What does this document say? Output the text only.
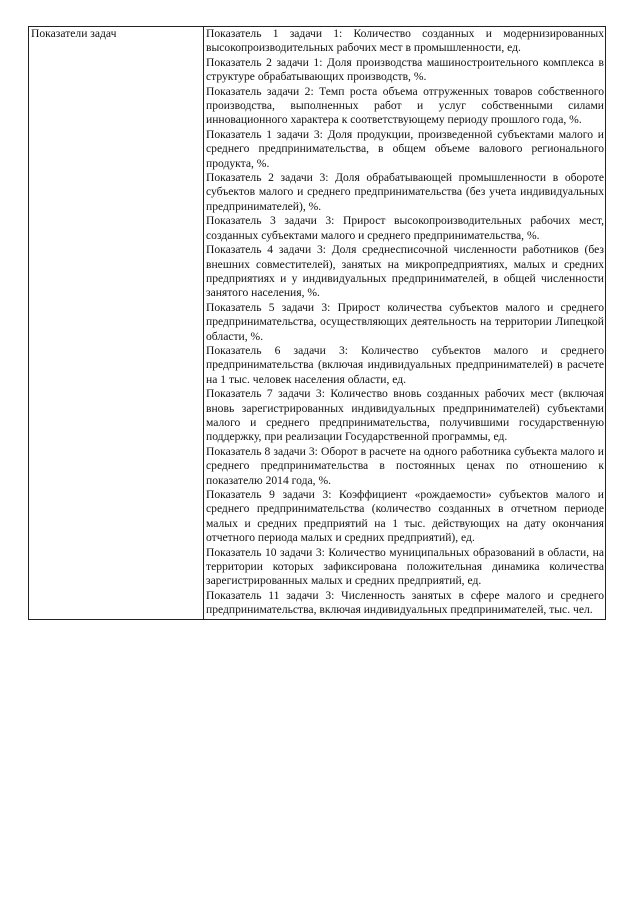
Показатели задач	Показатель 1 задачи 1: Количество созданных и модернизированных высокопроизводительных рабочих мест в промышленности, ед.
Показатель 2 задачи 1: Доля производства машиностроительного комплекса в структуре обрабатывающих производств, %.
Показатель задачи 2: Темп роста объема отгруженных товаров собственного производства, выполненных работ и услуг собственными силами инновационного характера к соответствующему периоду прошлого года, %.
Показатель 1 задачи 3: Доля продукции, произведенной субъектами малого и среднего предпринимательства, в общем объеме валового регионального продукта, %.
Показатель 2 задачи 3: Доля обрабатывающей промышленности в обороте субъектов малого и среднего предпринимательства (без учета индивидуальных предпринимателей), %.
Показатель 3 задачи 3: Прирост высокопроизводительных рабочих мест, созданных субъектами малого и среднего предпринимательства, %.
Показатель 4 задачи 3: Доля среднесписочной численности работников (без внешних совместителей), занятых на микропредприятиях, малых и средних предприятиях и у индивидуальных предпринимателей, в общей численности занятого населения, %.
Показатель 5 задачи 3: Прирост количества субъектов малого и среднего предпринимательства, осуществляющих деятельность на территории Липецкой области, %.
Показатель 6 задачи 3: Количество субъектов малого и среднего предпринимательства (включая индивидуальных предпринимателей) в расчете на 1 тыс. человек населения области, ед.
Показатель 7 задачи 3: Количество вновь созданных рабочих мест (включая вновь зарегистрированных индивидуальных предпринимателей) субъектами малого и среднего предпринимательства, получившими государственную поддержку, при реализации Государственной программы, ед.
Показатель 8 задачи 3: Оборот в расчете на одного работника субъекта малого и среднего предпринимательства в постоянных ценах по отношению к показателю 2014 года, %.
Показатель 9 задачи 3: Коэффициент «рождаемости» субъектов малого и среднего предпринимательства (количество созданных в отчетном периоде малых и средних предприятий на 1 тыс. действующих на дату окончания отчетного периода малых и средних предприятий), ед.
Показатель 10 задачи 3: Количество муниципальных образований в области, на территории которых зафиксирована положительная динамика количества зарегистрированных малых и средних предприятий, ед.
Показатель 11 задачи 3: Численность занятых в сфере малого и среднего предпринимательства, включая индивидуальных предпринимателей, тыс. чел.
